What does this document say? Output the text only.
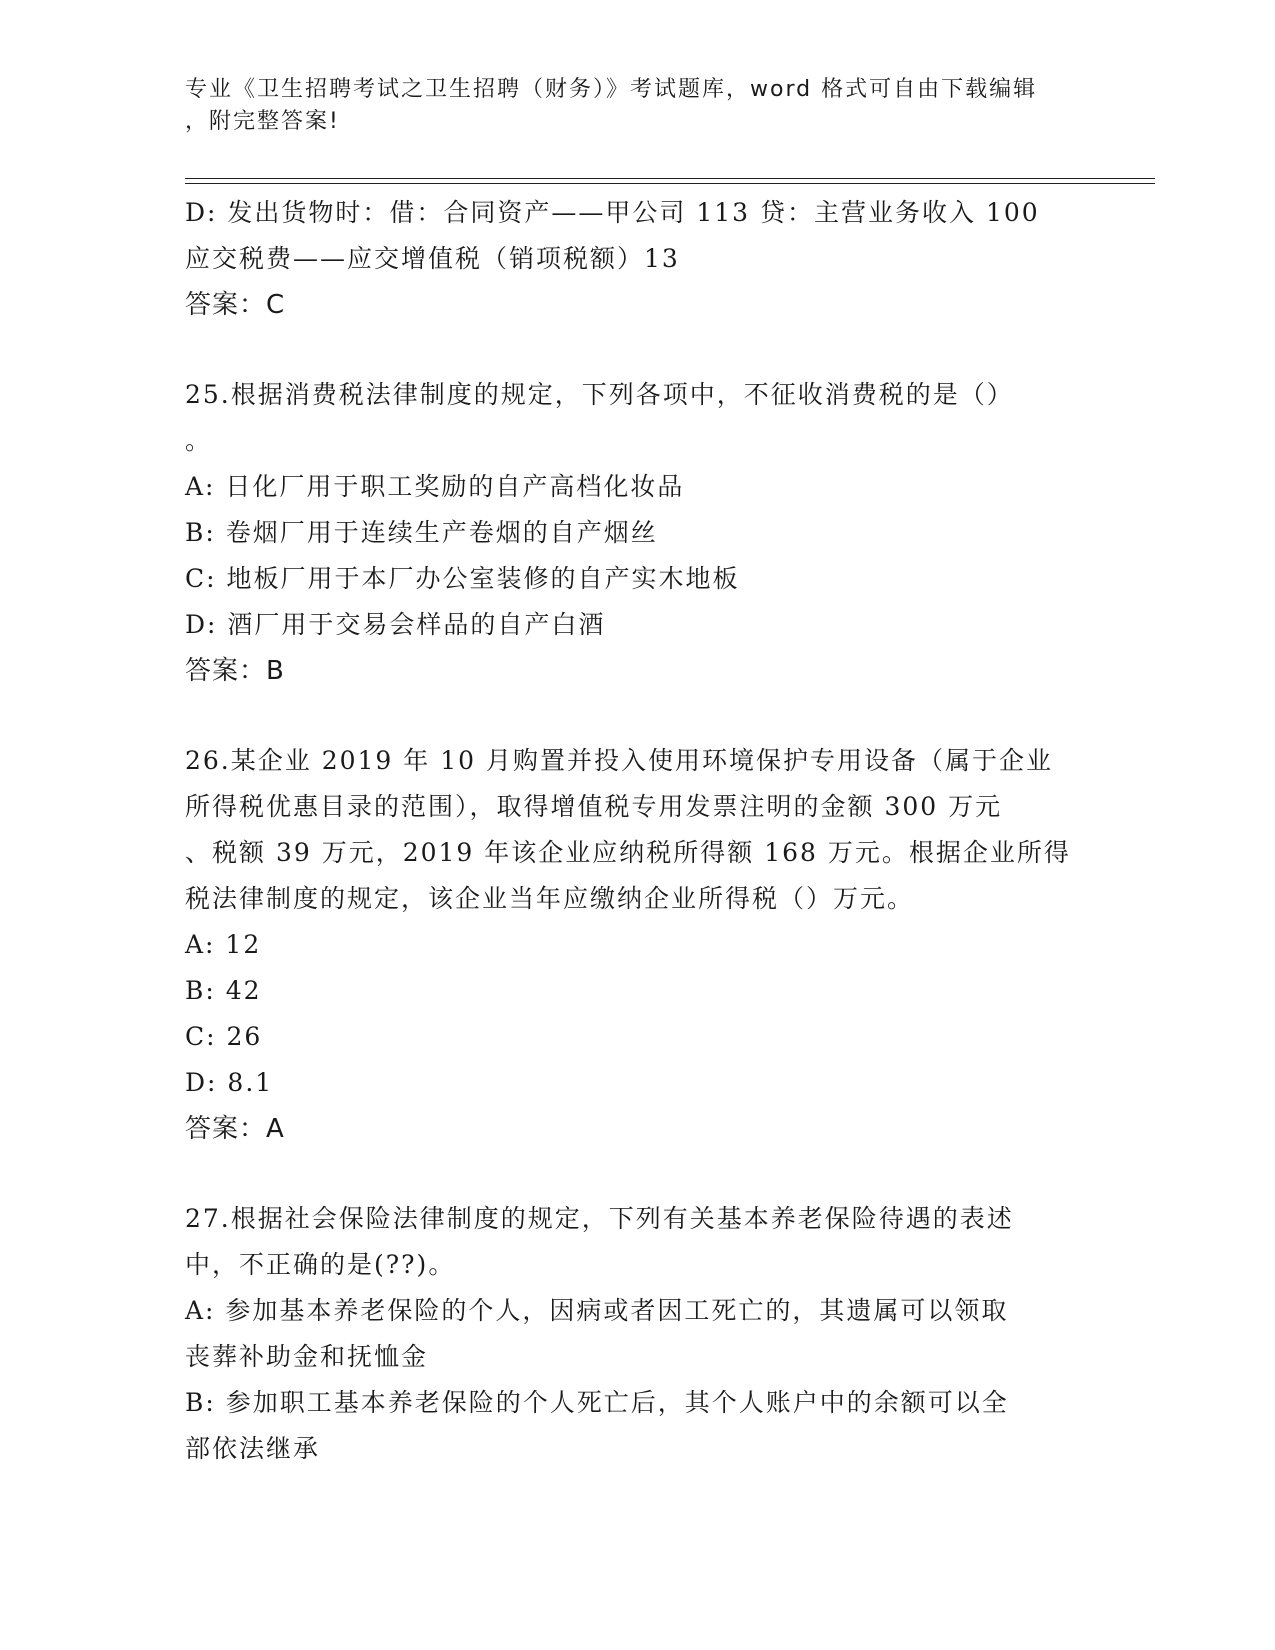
专业《卫生招聘考试之卫生招聘（财务）》考试题库，word 格式可自由下载编辑
，附完整答案!
D: 发出货物时：借：合同资产——甲公司 113 贷：主营业务收入 100
应交税费——应交增值税（销项税额）13
答案：C
25.根据消费税法律制度的规定，下列各项中，不征收消费税的是（）
。
A: 日化厂用于职工奖励的自产高档化妆品
B: 卷烟厂用于连续生产卷烟的自产烟丝
C: 地板厂用于本厂办公室装修的自产实木地板
D: 酒厂用于交易会样品的自产白酒
答案：B
26.某企业 2019 年 10 月购置并投入使用环境保护专用设备（属于企业
所得税优惠目录的范围），取得增值税专用发票注明的金额 300 万元
、税额 39 万元，2019 年该企业应纳税所得额 168 万元。根据企业所得
税法律制度的规定，该企业当年应缴纳企业所得税（）万元。
A: 12
B: 42
C: 26
D: 8.1
答案：A
27.根据社会保险法律制度的规定，下列有关基本养老保险待遇的表述
中，不正确的是(??)。
A: 参加基本养老保险的个人，因病或者因工死亡的，其遗属可以领取
丧葬补助金和抚恤金
B: 参加职工基本养老保险的个人死亡后，其个人账户中的余额可以全
部依法继承
